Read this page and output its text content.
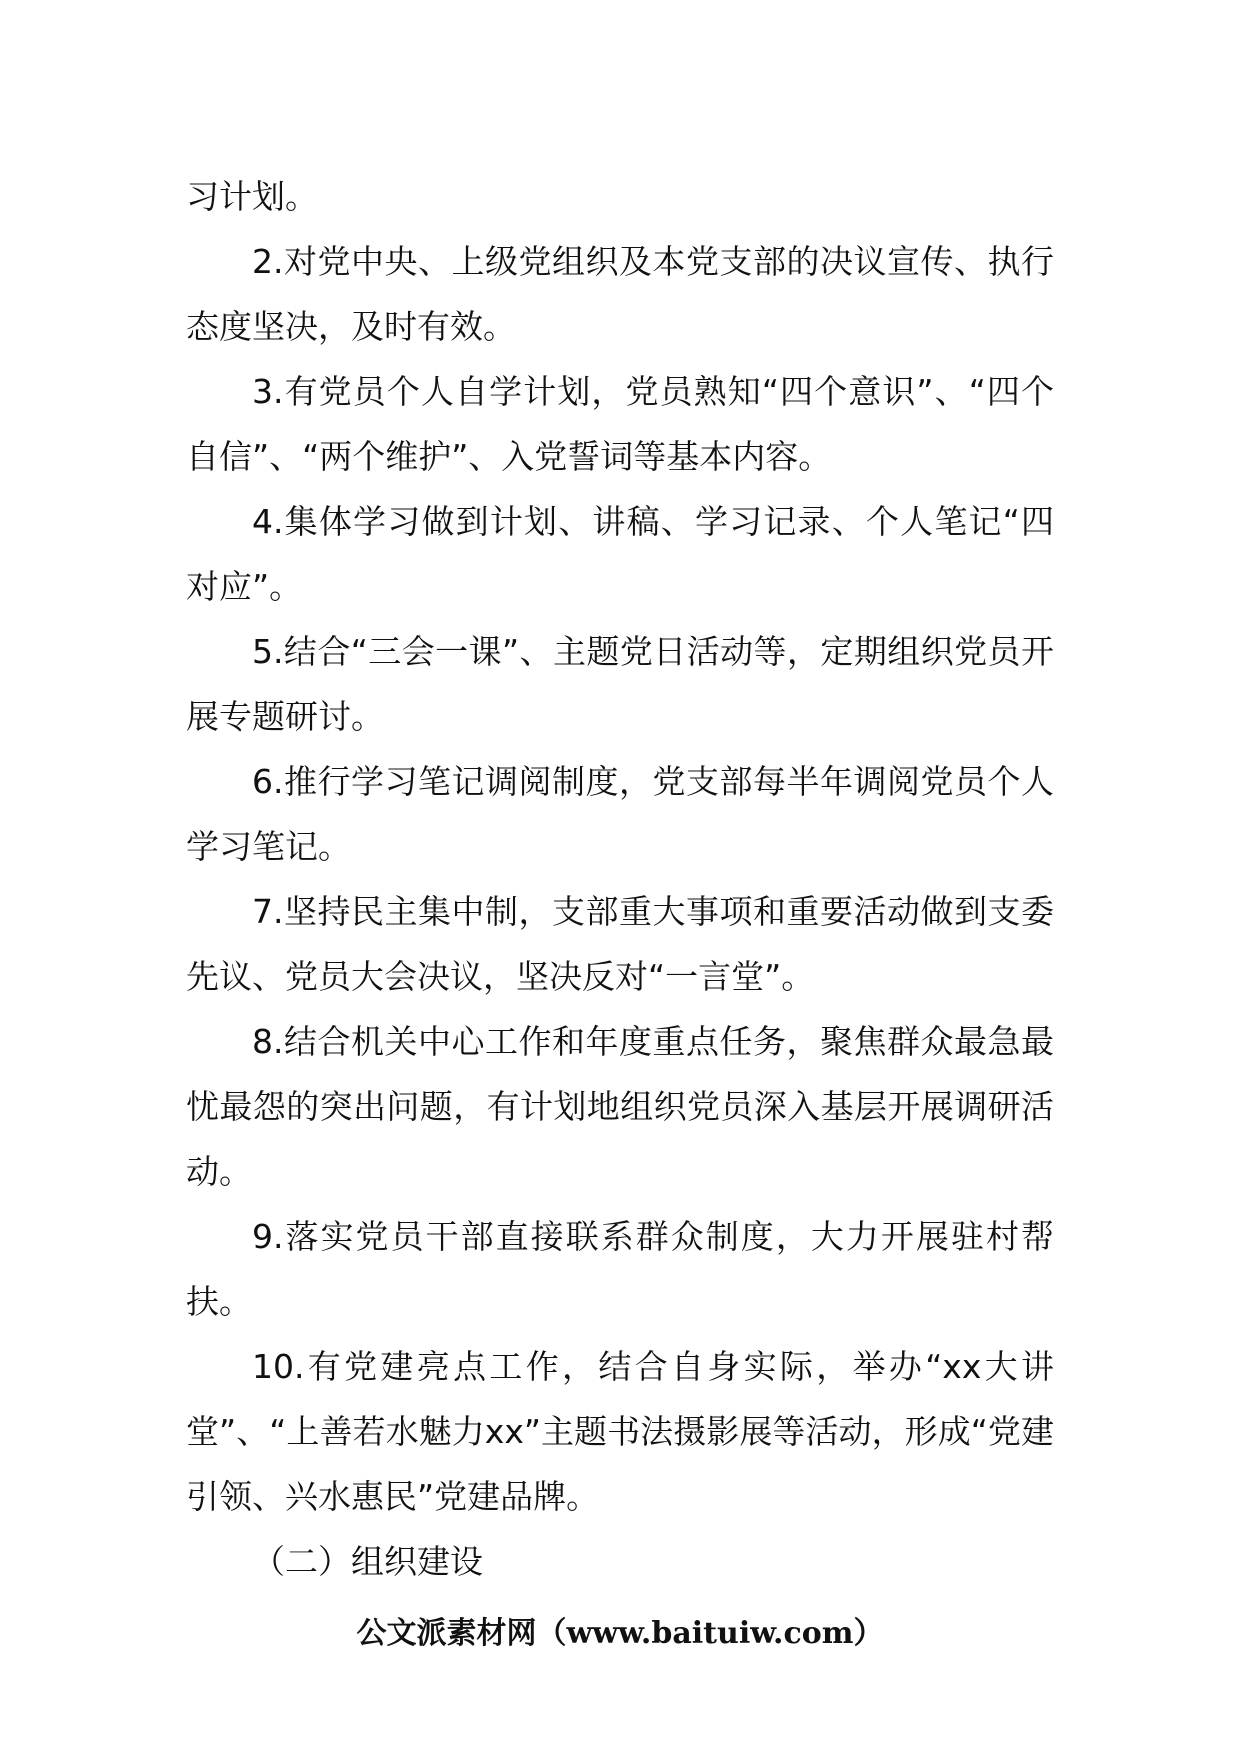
习计划。

2.对党中央、上级党组织及本党支部的决议宣传、执行态度坚决，及时有效。

3.有党员个人自学计划，党员熟知“四个意识”、“四个自信”、“两个维护”、入党誓词等基本内容。

4.集体学习做到计划、讲稿、学习记录、个人笔记“四对应”。

5.结合“三会一课”、主题党日活动等，定期组织党员开展专题研讨。

6.推行学习笔记调阅制度，党支部每半年调阅党员个人学习笔记。

7.坚持民主集中制，支部重大事项和重要活动做到支委先议、党员大会决议，坚决反对“一言堂”。

8.结合机关中心工作和年度重点任务，聚焦群众最急最忧最怨的突出问题，有计划地组织党员深入基层开展调研活动。

9.落实党员干部直接联系群众制度，大力开展驻村帮扶。

10.有党建亮点工作，结合自身实际，举办“xx大讲堂”、“上善若水魅力xx”主题书法摄影展等活动，形成“党建引领、兴水惠民”党建品牌。

（二）组织建设

公文派素材网（www.baituiw.com）
